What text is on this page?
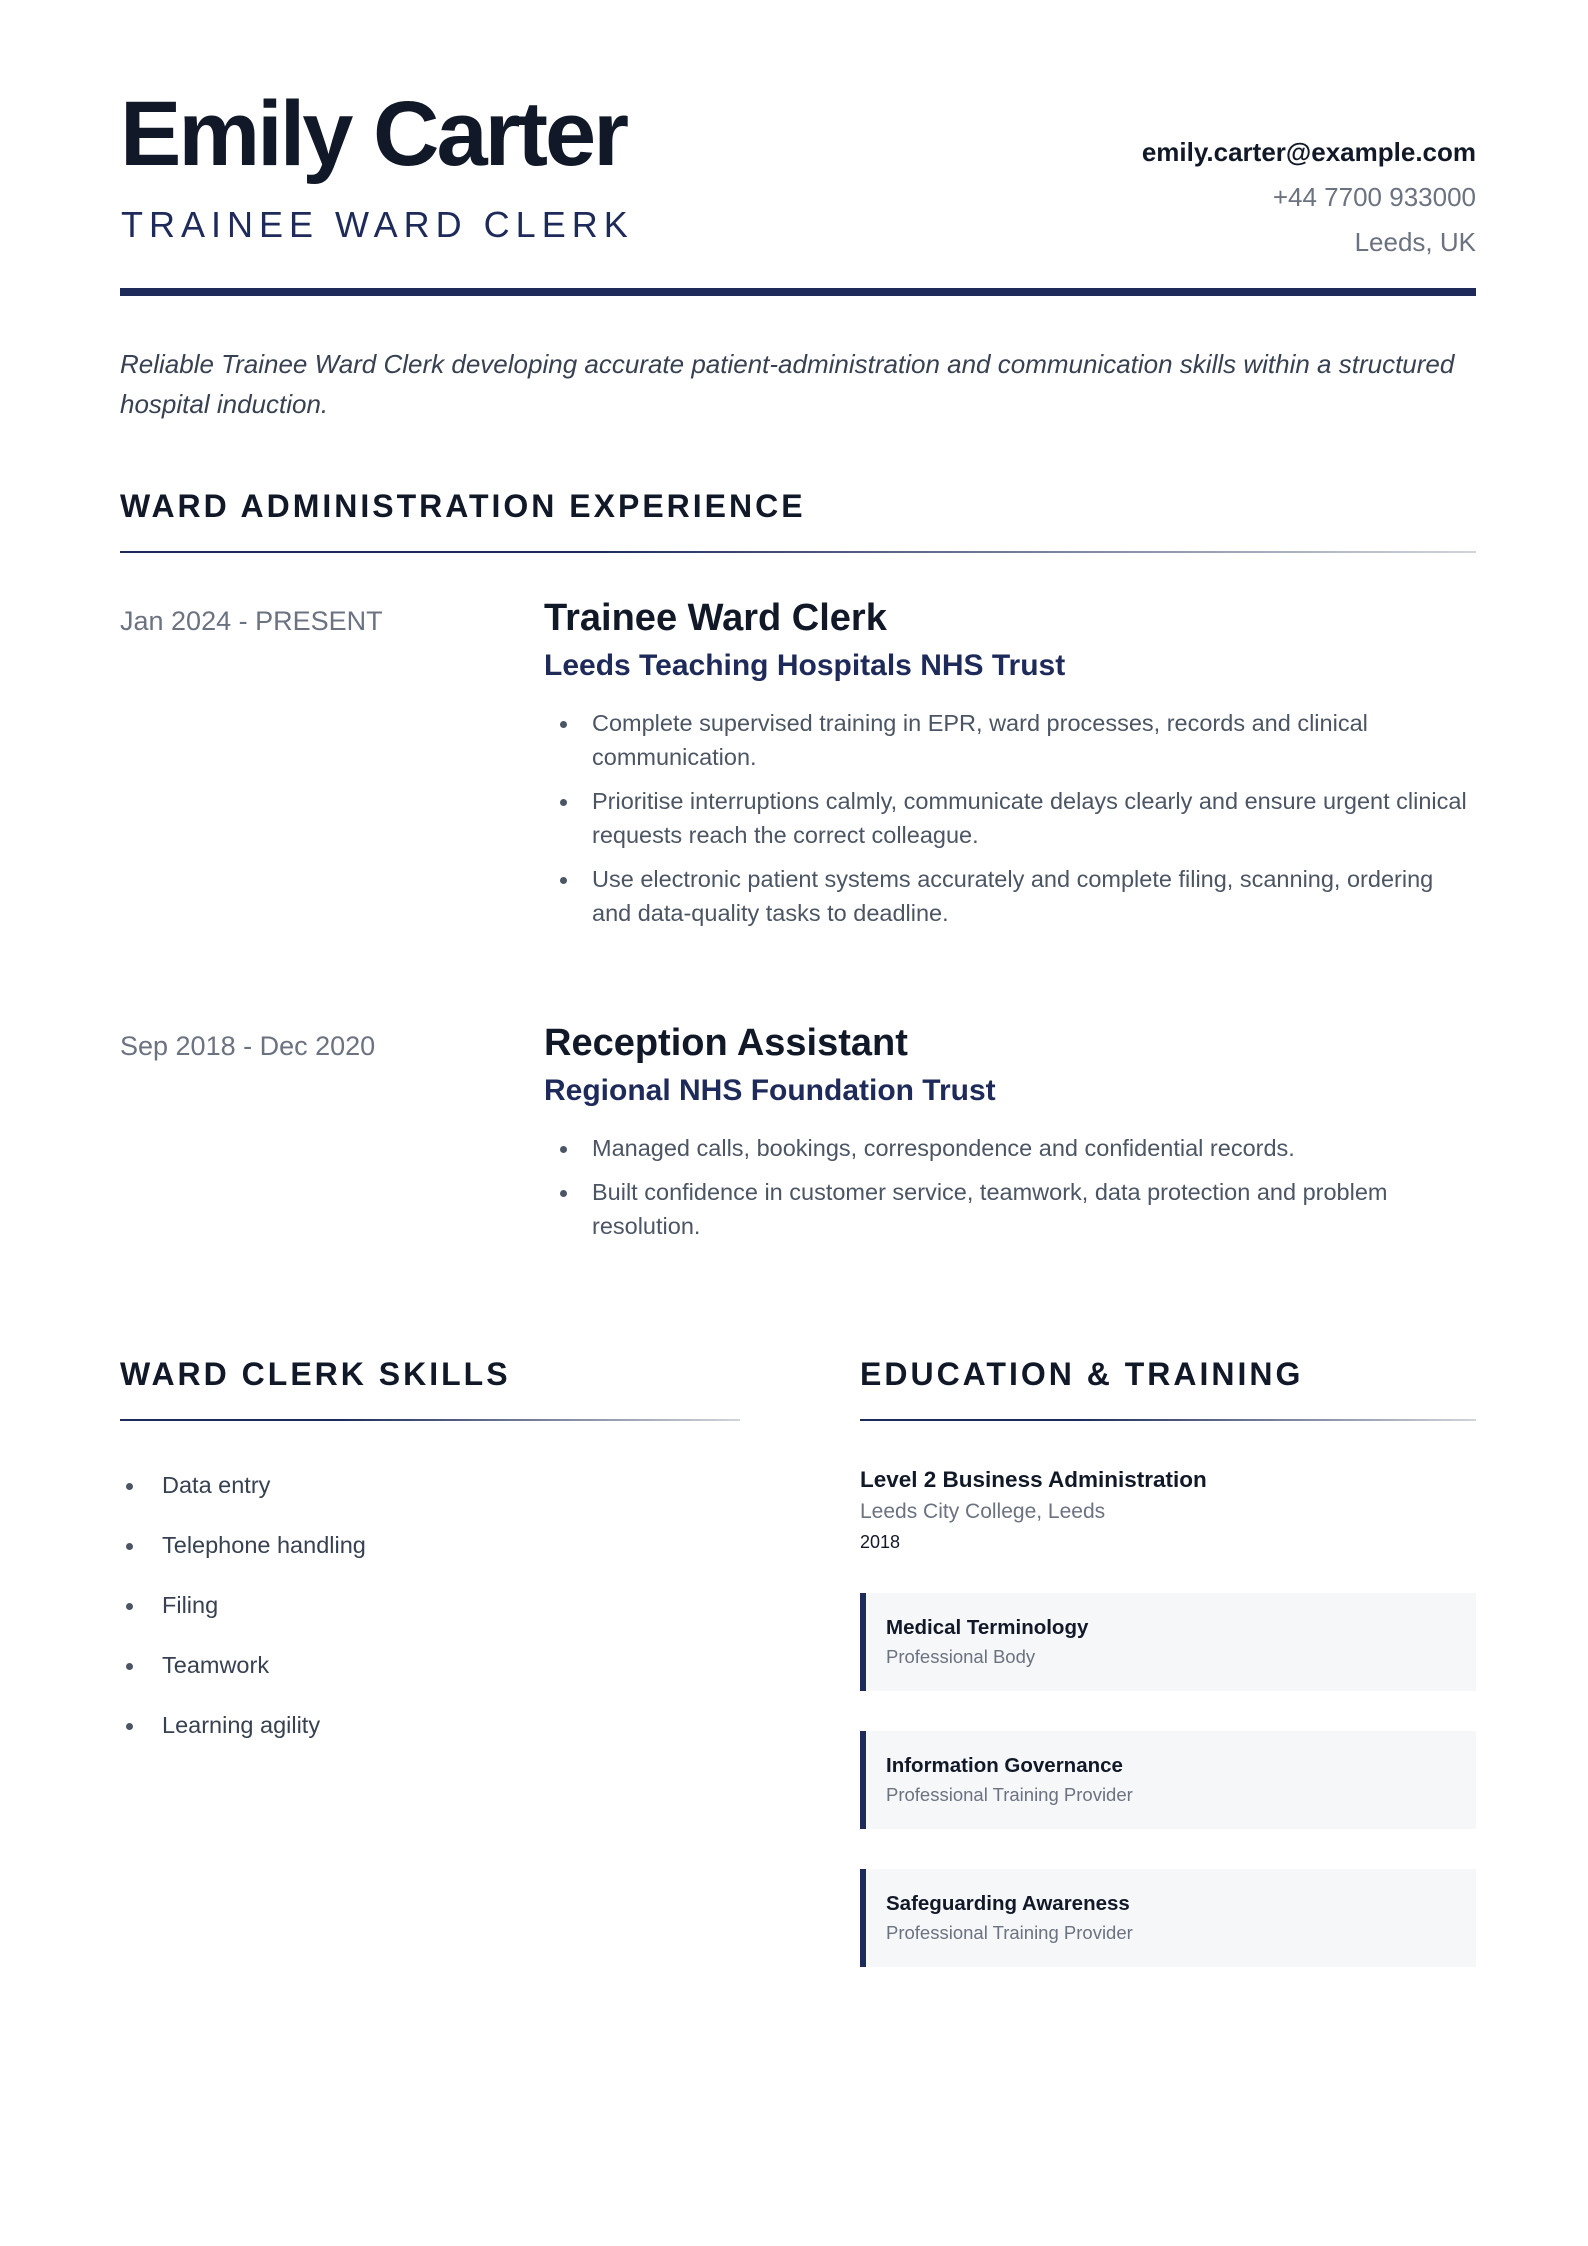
Emily Carter
TRAINEE WARD CLERK
emily.carter@example.com
+44 7700 933000
Leeds, UK
Reliable Trainee Ward Clerk developing accurate patient-administration and communication skills within a structured hospital induction.
WARD ADMINISTRATION EXPERIENCE
Jan 2024 - PRESENT	Trainee Ward Clerk
Leeds Teaching Hospitals NHS Trust
Complete supervised training in EPR, ward processes, records and clinical communication.
Prioritise interruptions calmly, communicate delays clearly and ensure urgent clinical requests reach the correct colleague.
Use electronic patient systems accurately and complete filing, scanning, ordering and data-quality tasks to deadline.
Sep 2018 - Dec 2020	Reception Assistant
Regional NHS Foundation Trust
Managed calls, bookings, correspondence and confidential records.
Built confidence in customer service, teamwork, data protection and problem resolution.
WARD CLERK SKILLS
Data entry
Telephone handling
Filing
Teamwork
Learning agility
EDUCATION & TRAINING
Level 2 Business Administration
Leeds City College, Leeds
2018
Medical Terminology
Professional Body
Information Governance
Professional Training Provider
Safeguarding Awareness
Professional Training Provider
